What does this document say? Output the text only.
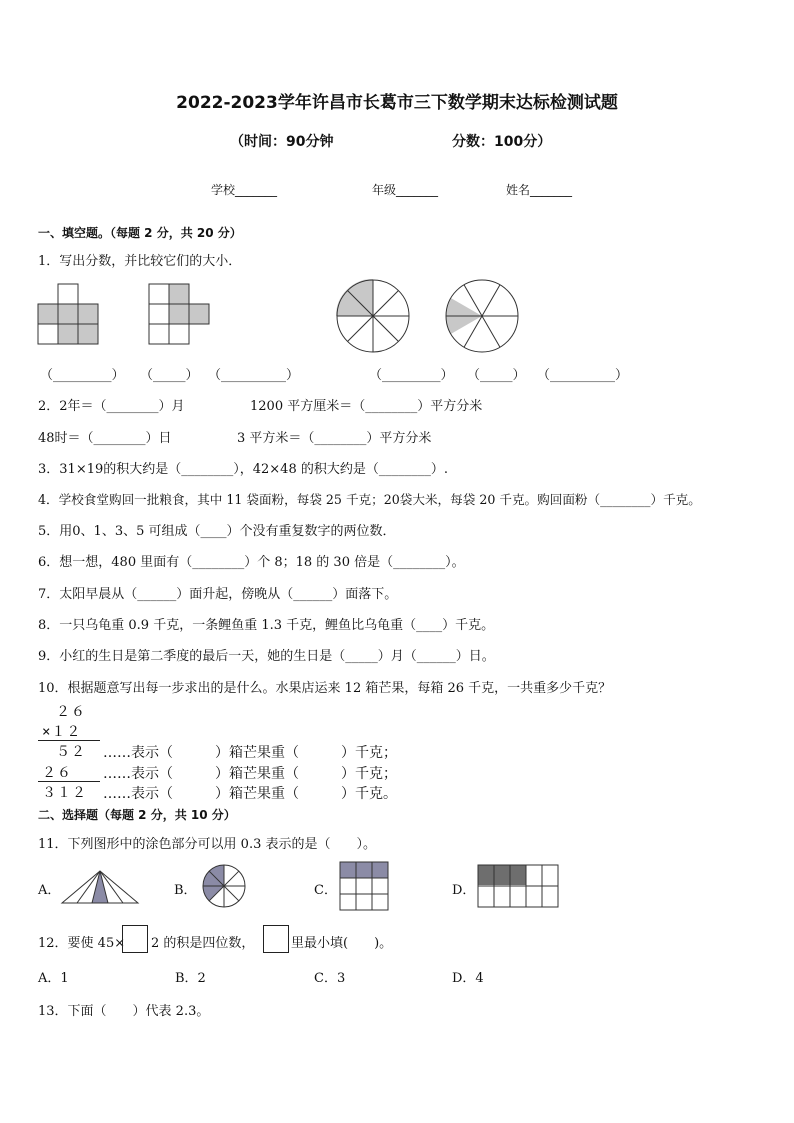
2022-2023学年许昌市长葛市三下数学期末达标检测试题
（时间：90分钟	分数：100分）
学校_______	年级_______	姓名_______
一、填空题。（每题 2 分，共 20 分）
1．写出分数，并比较它们的大小．
（_________） （_____） （__________）	（_________） （_____） （__________）
2．2年＝（________）月	1200 平方厘米＝（________）平方分米
48时＝（________）日	3 平方米＝（________）平方分米
3．31×19的积大约是（________），42×48 的积大约是（________）.
4．学校食堂购回一批粮食，其中 11 袋面粉，每袋 25 千克；20袋大米，每袋 20 千克。购回面粉（________）千克。
5．用0、1、3、5 可组成（____）个没有重复数字的两位数．
6．想一想，480 里面有（________）个 8；18 的 30 倍是（________）。
7．太阳早晨从（______）面升起，傍晚从（______）面落下。
8．一只乌龟重 0.9 千克，一条鲤鱼重 1.3 千克，鲤鱼比乌龟重（____）千克。
9．小红的生日是第二季度的最后一天，她的生日是（_____）月（______）日。
10．根据题意写出每一步求出的是什么。水果店运来 12 箱芒果，每箱 26 千克，一共重多少千克？
２６
×１２
５２
２６
３１２
……表示（　　　）箱芒果重（　　　）千克；
……表示（　　　）箱芒果重（　　　）千克；
……表示（　　　）箱芒果重（　　　）千克。
二、选择题（每题 2 分，共 10 分）
11．下列图形中的涂色部分可以用 0.3 表示的是（　　）。
A．	B．	C．	D．
12．要使 45× 2 的积是四位数，	里最小填(　　)。
A．1	B．2	C．3	D．4
13．下面（　　）代表 2.3。
